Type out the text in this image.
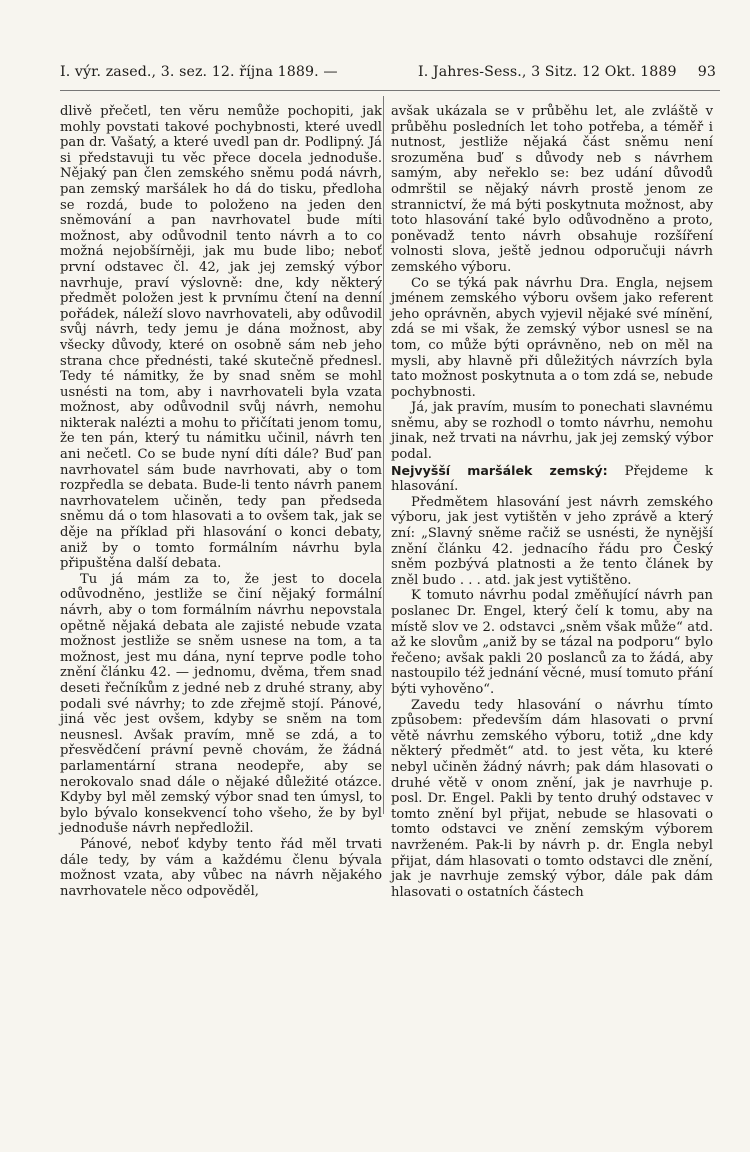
I. výr. zased., 3. sez. 12. října 1889. —	I. Jahres-Sess., 3 Sitz. 12 Okt. 1889 93

dlivě přečetl, ten věru nemůže pochopiti, jak mohly povstati takové pochybnosti, které uvedl pan dr. Vašatý, a které uvedl pan dr. Podlipný. Já si představuji tu věc přece docela jednoduše. Nějaký pan člen zemského sněmu podá návrh, pan zemský maršálek ho dá do tisku, předloha se rozdá, bude to položeno na jeden den sněmování a pan navrhovatel bude míti možnost, aby odůvodnil tento návrh a to co možná nejobšírněji, jak mu bude libo; neboť první odstavec čl. 42, jak jej zemský výbor navrhuje, praví výslovně: dne, kdy některý předmět položen jest k prvnímu čtení na denní pořádek, náleží slovo navrhovateli, aby odůvodil svůj návrh, tedy jemu je dána možnost, aby všecky důvody, které on osobně sám neb jeho strana chce přednésti, také skutečně přednesl. Tedy té námitky, že by snad sněm se mohl usnésti na tom, aby i navrhovateli byla vzata možnost, aby odůvodnil svůj návrh, nemohu nikterak nalézti a mohu to přičítati jenom tomu, že ten pán, který tu námitku učinil, návrh ten ani nečetl. Co se bude nyní díti dále? Buď pan navrhovatel sám bude navrhovati, aby o tom rozpředla se debata. Bude-li tento návrh panem navrhovatelem učiněn, tedy pan předseda sněmu dá o tom hlasovati a to ovšem tak, jak se děje na příklad při hlasování o konci debaty, aniž by o tomto formálním návrhu byla připuštěna další debata.

Tu já mám za to, že jest to docela odůvodněno, jestliže se činí nějaký formální návrh, aby o tom formálním návrhu nepovstala opětně nějaká debata ale zajisté nebude vzata možnost jestliže se sněm usnese na tom, a ta možnost, jest mu dána, nyní teprve podle toho znění článku 42. — jednomu, dvěma, třem snad deseti řečníkům z jedné neb z druhé strany, aby podali své návrhy; to zde zřejmě stojí. Pánové, jiná věc jest ovšem, kdyby se sněm na tom neusnesl. Avšak pravím, mně se zdá, a to přesvědčení právní pevně chovám, že žádná parlamentární strana neodepře, aby se nerokovalo snad dále o nějaké důležité otázce. Kdyby byl měl zemský výbor snad ten úmysl, to bylo bývalo konsekvencí toho všeho, že by byl jednoduše návrh nepředložil.

Pánové, neboť kdyby tento řád měl trvati dále tedy, by vám a každému členu bývala možnost vzata, aby vůbec na návrh nějakého navrhovatele něco odpověděl,

avšak ukázala se v průběhu let, ale zvláště v průběhu posledních let toho potřeba, a téměř i nutnost, jestliže nějaká část sněmu není srozuměna buď s důvody neb s návrhem samým, aby neřeklo se: bez udání důvodů odmrštil se nějaký návrh prostě jenom ze strannictví, že má býti poskytnuta možnost, aby toto hlasování také bylo odůvodněno a proto, poněvadž tento návrh obsahuje rozšíření volnosti slova, ještě jednou odporučuji návrh zemského výboru.

Co se týká pak návrhu Dra. Engla, nejsem jménem zemského výboru ovšem jako referent jeho oprávněn, abych vyjevil nějaké své mínění, zdá se mi však, že zemský výbor usnesl se na tom, co může býti oprávněno, neb on měl na mysli, aby hlavně při důležitých návrzích byla tato možnost poskytnuta a o tom zdá se, nebude pochybnosti.

Já, jak pravím, musím to ponechati slavnému sněmu, aby se rozhodl o tomto návrhu, nemohu jinak, než trvati na návrhu, jak jej zemský výbor podal.

Nejvyšší maršálek zemský: Přejdeme k hlasování.

Předmětem hlasování jest návrh zemského výboru, jak jest vytištěn v jeho zprávě a který zní: „Slavný sněme račiž se usnésti, že nynější znění článku 42. jednacího řádu pro Český sněm pozbývá platnosti a že tento článek by zněl budo . . . atd. jak jest vytištěno.

K tomuto návrhu podal změňující návrh pan poslanec Dr. Engel, který čelí k tomu, aby na místě slov ve 2. odstavci „sněm však může“ atd. až ke slovům „aniž by se tázal na podporu“ bylo řečeno; avšak pakli 20 poslanců za to žádá, aby nastoupilo též jednání věcné, musí tomuto přání býti vyhověno“.

Zavedu tedy hlasování o návrhu tímto způsobem: především dám hlasovati o první větě návrhu zemského výboru, totiž „dne kdy některý předmět“ atd. to jest věta, ku které nebyl učiněn žádný návrh; pak dám hlasovati o druhé větě v onom znění, jak je navrhuje p. posl. Dr. Engel. Pakli by tento druhý odstavec v tomto znění byl přijat, nebude se hlasovati o tomto odstavci ve znění zemským výborem navrženém. Pak-li by návrh p. dr. Engla nebyl přijat, dám hlasovati o tomto odstavci dle znění, jak je navrhuje zemský výbor, dále pak dám hlasovati o ostatních částech
